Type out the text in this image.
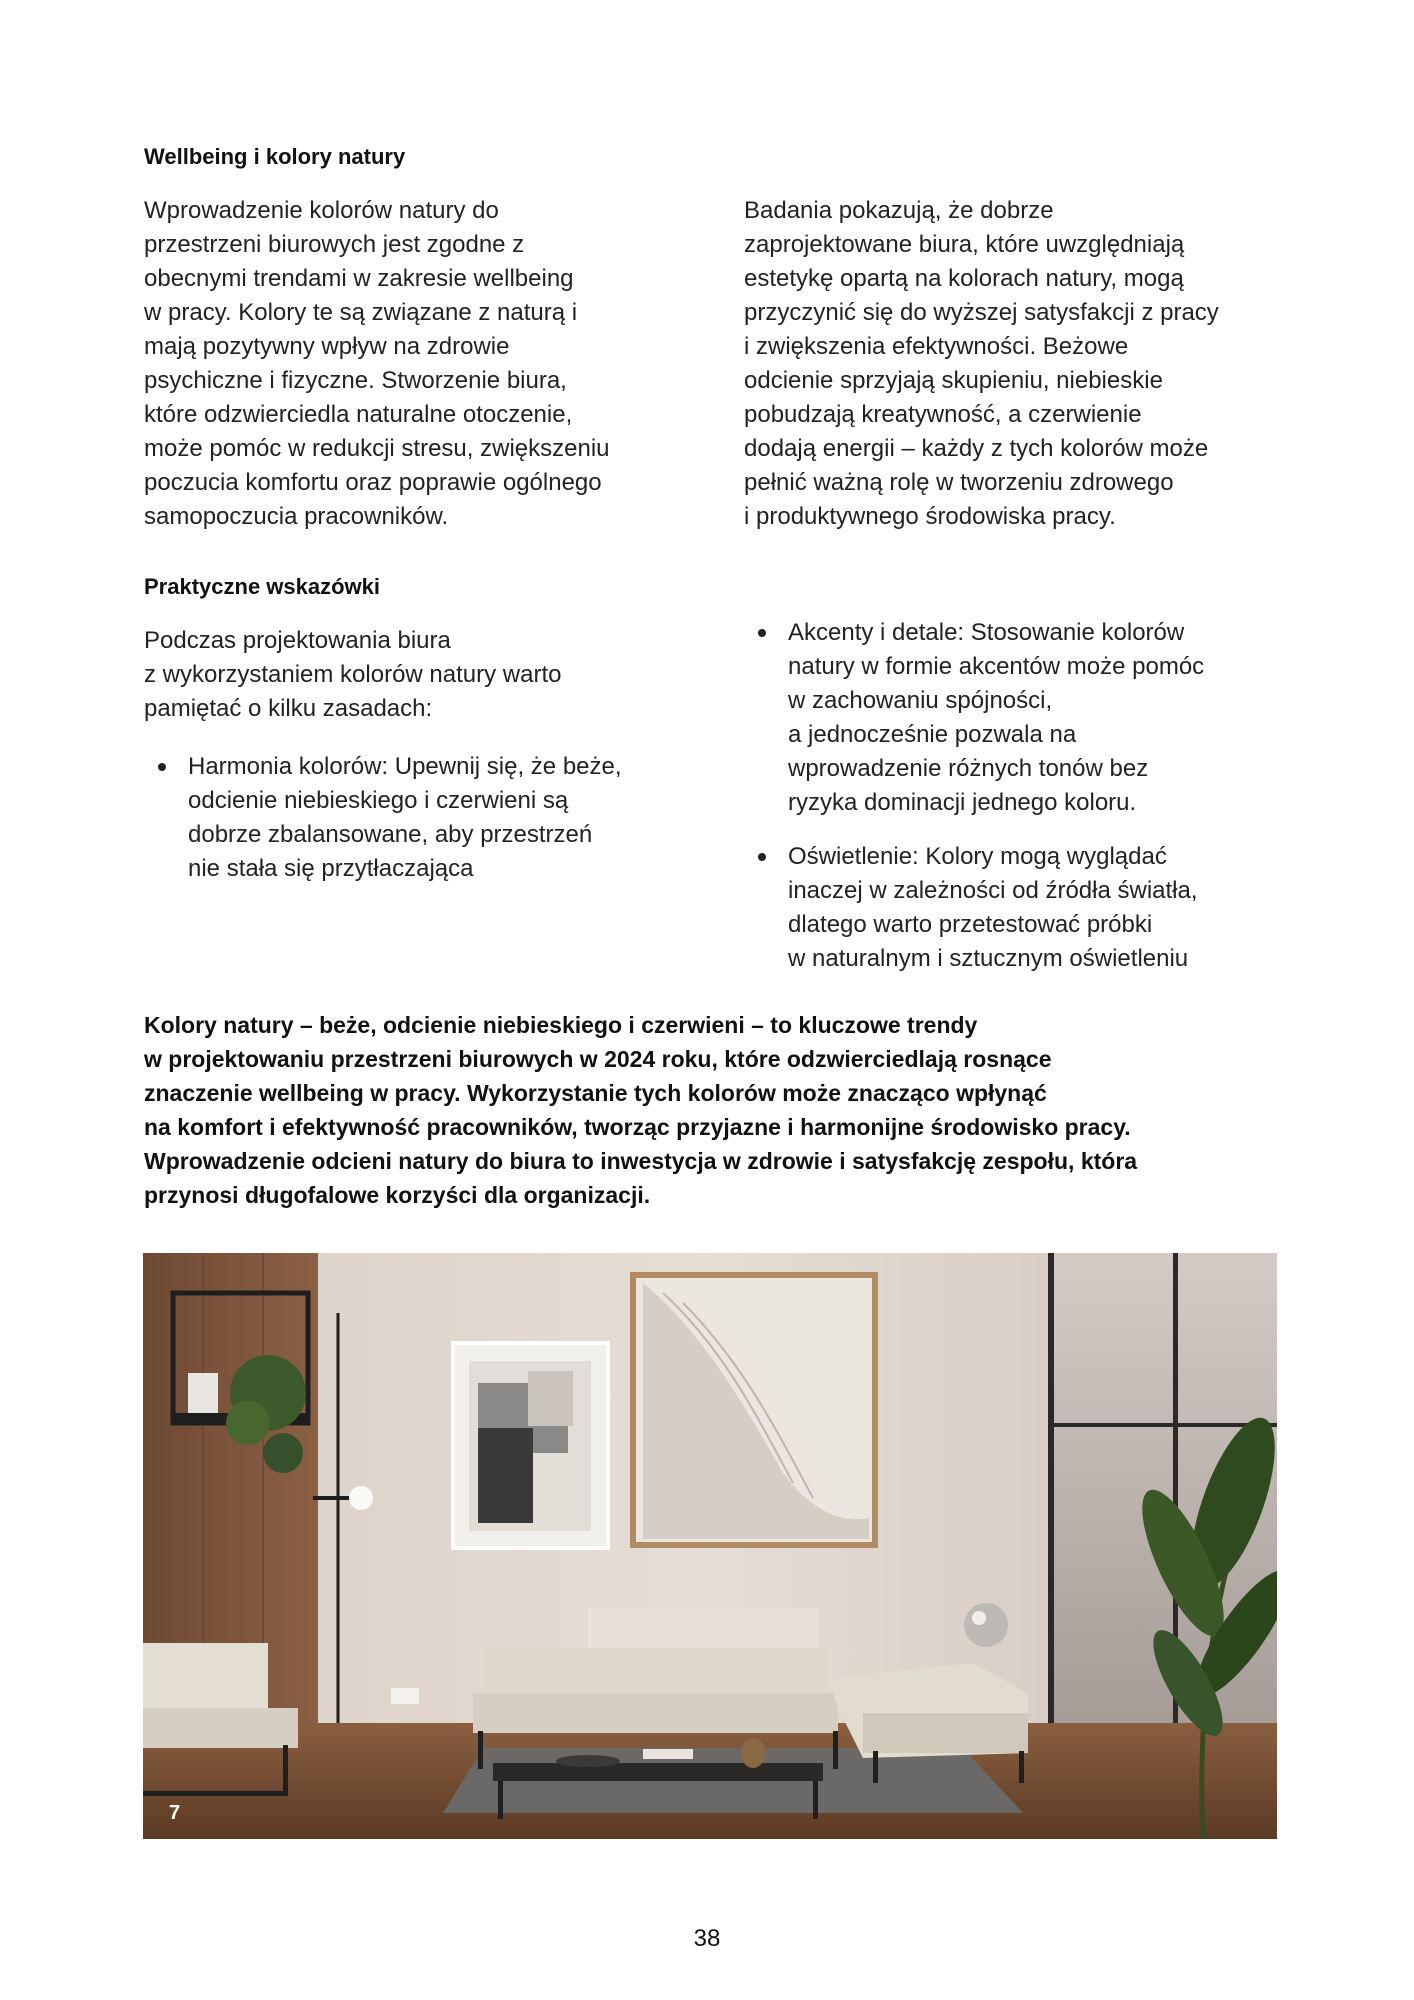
Wellbeing i kolory natury

Wprowadzenie kolorów natury do
przestrzeni biurowych jest zgodne z
obecnymi trendami w zakresie wellbeing
w pracy. Kolory te są związane z naturą i
mają pozytywny wpływ na zdrowie
psychiczne i fizyczne. Stworzenie biura,
które odzwierciedla naturalne otoczenie,
może pomóc w redukcji stresu, zwiększeniu
poczucia komfortu oraz poprawie ogólnego
samopoczucia pracowników.

Badania pokazują, że dobrze
zaprojektowane biura, które uwzględniają
estetykę opartą na kolorach natury, mogą
przyczynić się do wyższej satysfakcji z pracy
i zwiększenia efektywności. Beżowe
odcienie sprzyjają skupieniu, niebieskie
pobudzają kreatywność, a czerwienie
dodają energii – każdy z tych kolorów może
pełnić ważną rolę w tworzeniu zdrowego
i produktywnego środowiska pracy.

Praktyczne wskazówki

Podczas projektowania biura
z wykorzystaniem kolorów natury warto
pamiętać o kilku zasadach:

Harmonia kolorów: Upewnij się, że beże,
odcienie niebieskiego i czerwieni są
dobrze zbalansowane, aby przestrzeń
nie stała się przytłaczająca
Akcenty i detale: Stosowanie kolorów
natury w formie akcentów może pomóc
w zachowaniu spójności,
a jednocześnie pozwala na
wprowadzenie różnych tonów bez
ryzyka dominacji jednego koloru.
Oświetlenie: Kolory mogą wyglądać
inaczej w zależności od źródła światła,
dlatego warto przetestować próbki
w naturalnym i sztucznym oświetleniu

Kolory natury – beże, odcienie niebieskiego i czerwieni – to kluczowe trendy
w projektowaniu przestrzeni biurowych w 2024 roku, które odzwierciedlają rosnące
znaczenie wellbeing w pracy. Wykorzystanie tych kolorów może znacząco wpłynąć
na komfort i efektywność pracowników, tworząc przyjazne i harmonijne środowisko pracy.
Wprowadzenie odcieni natury do biura to inwestycja w zdrowie i satysfakcję zespołu, która
przynosi długofalowe korzyści dla organizacji.

7
38
